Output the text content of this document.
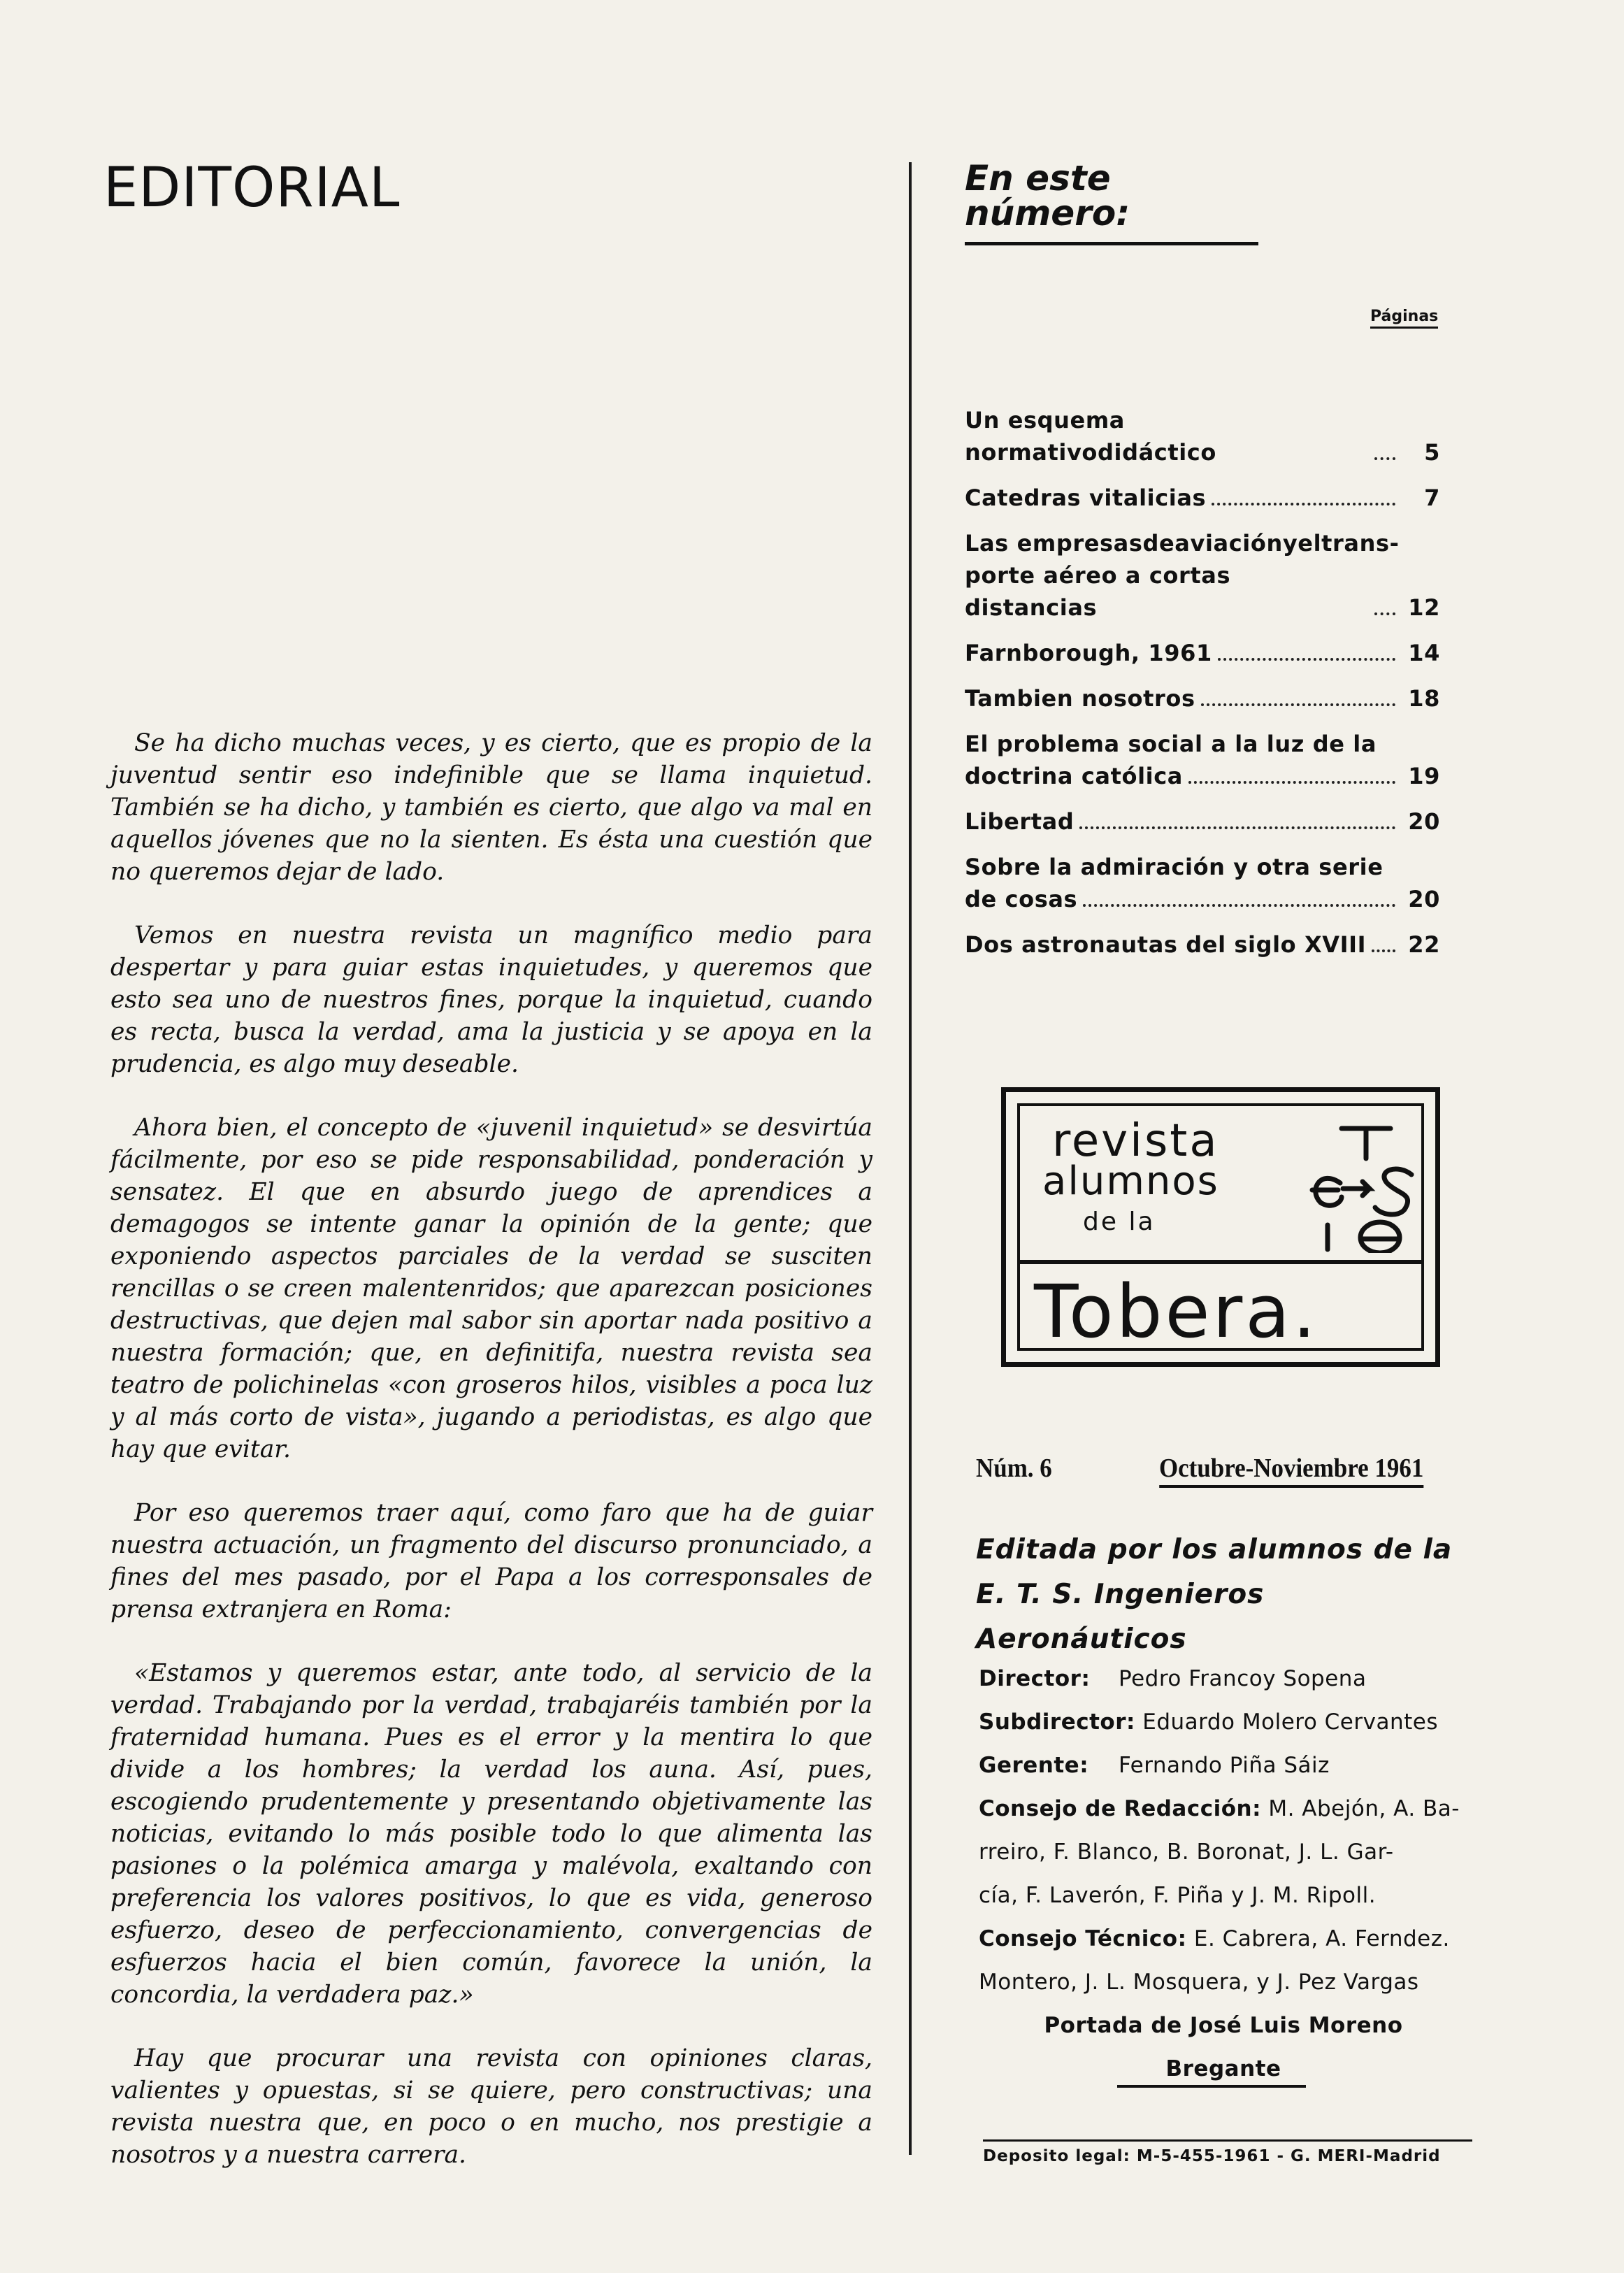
EDITORIAL

Se ha dicho muchas veces, y es cierto, que es propio de la juventud sentir eso indefinible que se llama inquietud. También se ha dicho, y también es cierto, que algo va mal en aquellos jóvenes que no la sienten. Es ésta una cuestión que no queremos dejar de lado.

Vemos en nuestra revista un magnífico medio para despertar y para guiar estas inquietudes, y queremos que esto sea uno de nuestros fines, porque la inquietud, cuando es recta, busca la verdad, ama la justicia y se apoya en la prudencia, es algo muy deseable.

Ahora bien, el concepto de «juvenil inquietud» se desvirtúa fácilmente, por eso se pide responsabilidad, ponderación y sensatez. El que en absurdo juego de aprendices a demagogos se intente ganar la opinión de la gente; que exponiendo aspectos parciales de la verdad se susciten rencillas o se creen malentenridos; que aparezcan posiciones destructivas, que dejen mal sabor sin aportar nada positivo a nuestra formación; que, en definitifa, nuestra revista sea teatro de polichinelas «con groseros hilos, visibles a poca luz y al más corto de vista», jugando a periodistas, es algo que hay que evitar.

Por eso queremos traer aquí, como faro que ha de guiar nuestra actuación, un fragmento del discurso pronunciado, a fines del mes pasado, por el Papa a los corresponsales de prensa extranjera en Roma:

«Estamos y queremos estar, ante todo, al servicio de la verdad. Trabajando por la verdad, trabajaréis también por la fraternidad humana. Pues es el error y la mentira lo que divide a los hombres; la verdad los auna. Así, pues, escogiendo prudentemente y presentando objetivamente las noticias, evitando lo más posible todo lo que alimenta las pasiones o la polémica amarga y malévola, exaltando con preferencia los valores positivos, lo que es vida, generoso esfuerzo, deseo de perfeccionamiento, convergencias de esfuerzos hacia el bien común, favorece la unión, la concordia, la verdadera paz.»

Hay que procurar una revista con opiniones claras, valientes y opuestas, si se quiere, pero constructivas; una revista nuestra que, en poco o en mucho, nos prestigie a nosotros y a nuestra carrera.

En este número:
Páginas
Un esquema normativodidáctico	5
Catedras vitalicias	7
Las empresasdeaviaciónyeltrans-
porte aéreo a cortas distancias	12
Farnborough, 1961	14
Tambien nosotros	18
El problema social a la luz de la
doctrina católica	19
Libertad	20
Sobre la admiración y otra serie
de cosas	20
Dos astronautas del siglo XVIII 22
revista
alumnos
de la
Tobera.
Núm. 6	Octubre-Noviembre 1961
Editada por los alumnos de la
E. T. S. Ingenieros Aeronáuticos
Director:	Pedro Francoy Sopena
Subdirector:
Eduardo Molero Cervantes
Gerente:	Fernando Piña Sáiz
Consejo de Redacción:
M. Abejón, A. Ba-
rreiro, F. Blanco, B. Boronat, J. L. Gar-
cía, F. Laverón, F. Piña y J. M. Ripoll.
Consejo Técnico:
E. Cabrera, A. Ferndez.
Montero, J. L. Mosquera, y J. Pez Vargas
Portada de José Luis Moreno
Bregante
Deposito legal: M-5-455-1961 - G. MERI-Madrid
